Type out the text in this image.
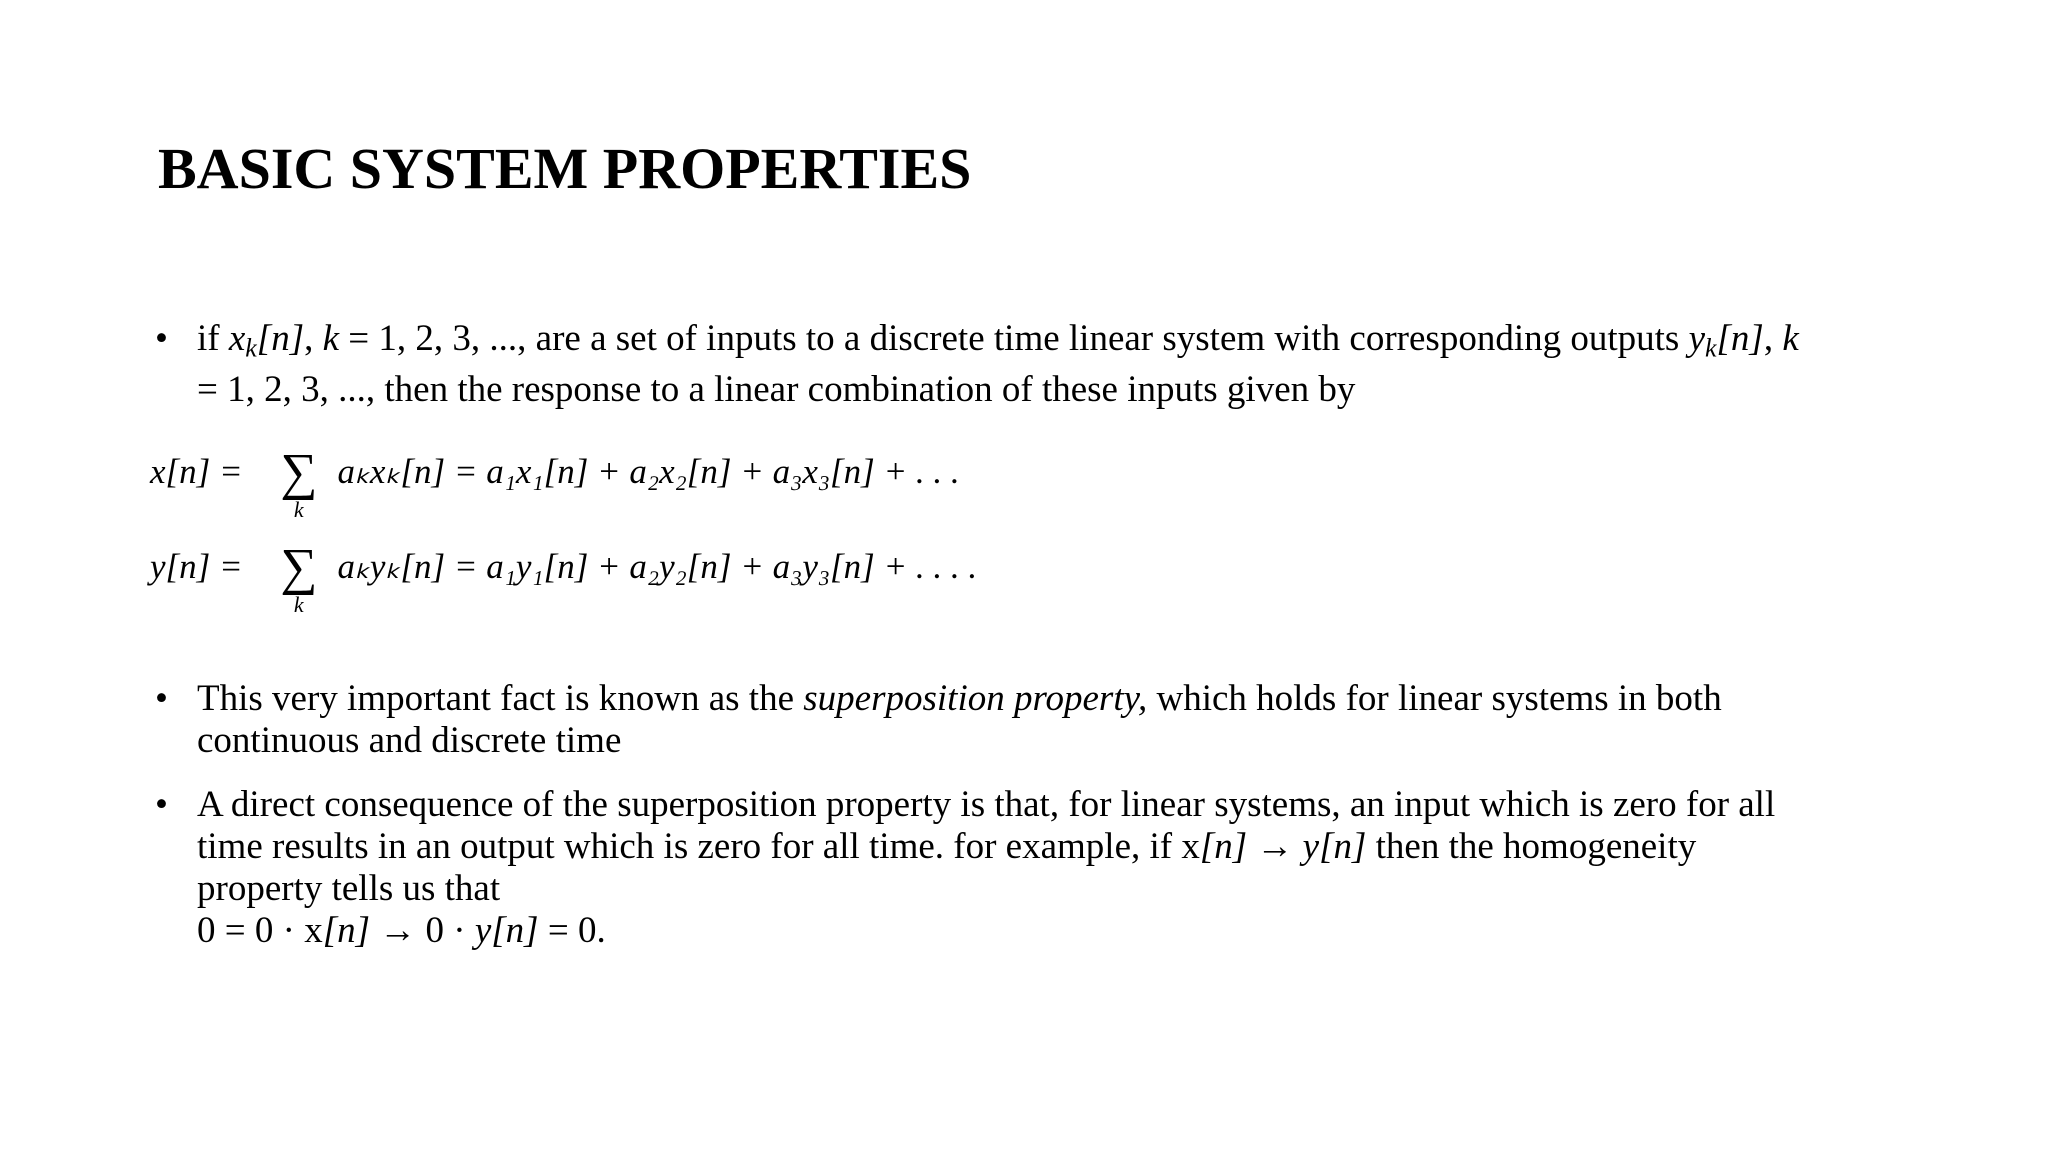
BASIC SYSTEM PROPERTIES
• if $x_k[n]$, k = 1, 2, 3, ..., are a set of inputs to a discrete time linear system with corresponding outputs $y_k[n]$, k
= 1, 2, 3, ..., then the response to a linear combination of these inputs given by
x[n] = ∑
k
aₖxₖ[n] = a₁x₁[n] + a₂x₂[n] + a₃x₃[n] + . . .
y[n] = ∑
k
aₖyₖ[n] = a₁y₁[n] + a₂y₂[n] + a₃y₃[n] + . . . .
• This very important fact is known as the superposition property, which holds for linear systems in both continuous and discrete time
• A direct consequence of the superposition property is that, for linear systems, an input which is zero for all
time results in an output which is zero for all time. for example, if x[n] → y[n] then the homogeneity
property tells us that
0 = 0 · x[n] → 0 · y[n] = 0.
